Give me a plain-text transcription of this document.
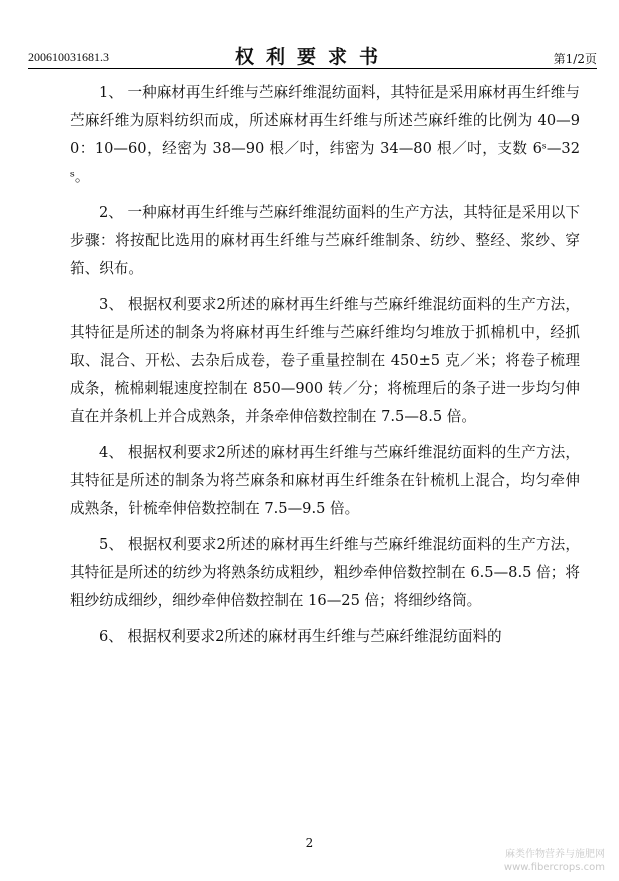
200610031681.3	权利要求书	第1/2页

1、 一种麻材再生纤维与苎麻纤维混纺面料，其特征是采用麻材再生纤维与苎麻纤维为原料纺织而成，所述麻材再生纤维与所述苎麻纤维的比例为 40—90：10—60，经密为 38—90 根／吋，纬密为 34—80 根／吋，支数 6ˢ—32ˢ。

2、 一种麻材再生纤维与苎麻纤维混纺面料的生产方法，其特征是采用以下步骤：将按配比选用的麻材再生纤维与苎麻纤维制条、纺纱、整经、浆纱、穿筘、织布。

3、 根据权利要求2所述的麻材再生纤维与苎麻纤维混纺面料的生产方法，其特征是所述的制条为将麻材再生纤维与苎麻纤维均匀堆放于抓棉机中，经抓取、混合、开松、去杂后成卷，卷子重量控制在 450±5 克／米；将卷子梳理成条，梳棉刺辊速度控制在 850—900 转／分；将梳理后的条子进一步均匀伸直在并条机上并合成熟条，并条牵伸倍数控制在 7.5—8.5 倍。

4、 根据权利要求2所述的麻材再生纤维与苎麻纤维混纺面料的生产方法，其特征是所述的制条为将苎麻条和麻材再生纤维条在针梳机上混合，均匀牵伸成熟条，针梳牵伸倍数控制在 7.5—9.5 倍。

5、 根据权利要求2所述的麻材再生纤维与苎麻纤维混纺面料的生产方法，其特征是所述的纺纱为将熟条纺成粗纱，粗纱牵伸倍数控制在 6.5—8.5 倍；将粗纱纺成细纱，细纱牵伸倍数控制在 16—25 倍；将细纱络筒。

6、 根据权利要求2所述的麻材再生纤维与苎麻纤维混纺面料的

2
麻类作物营养与施肥网
www.fibercrops.com
